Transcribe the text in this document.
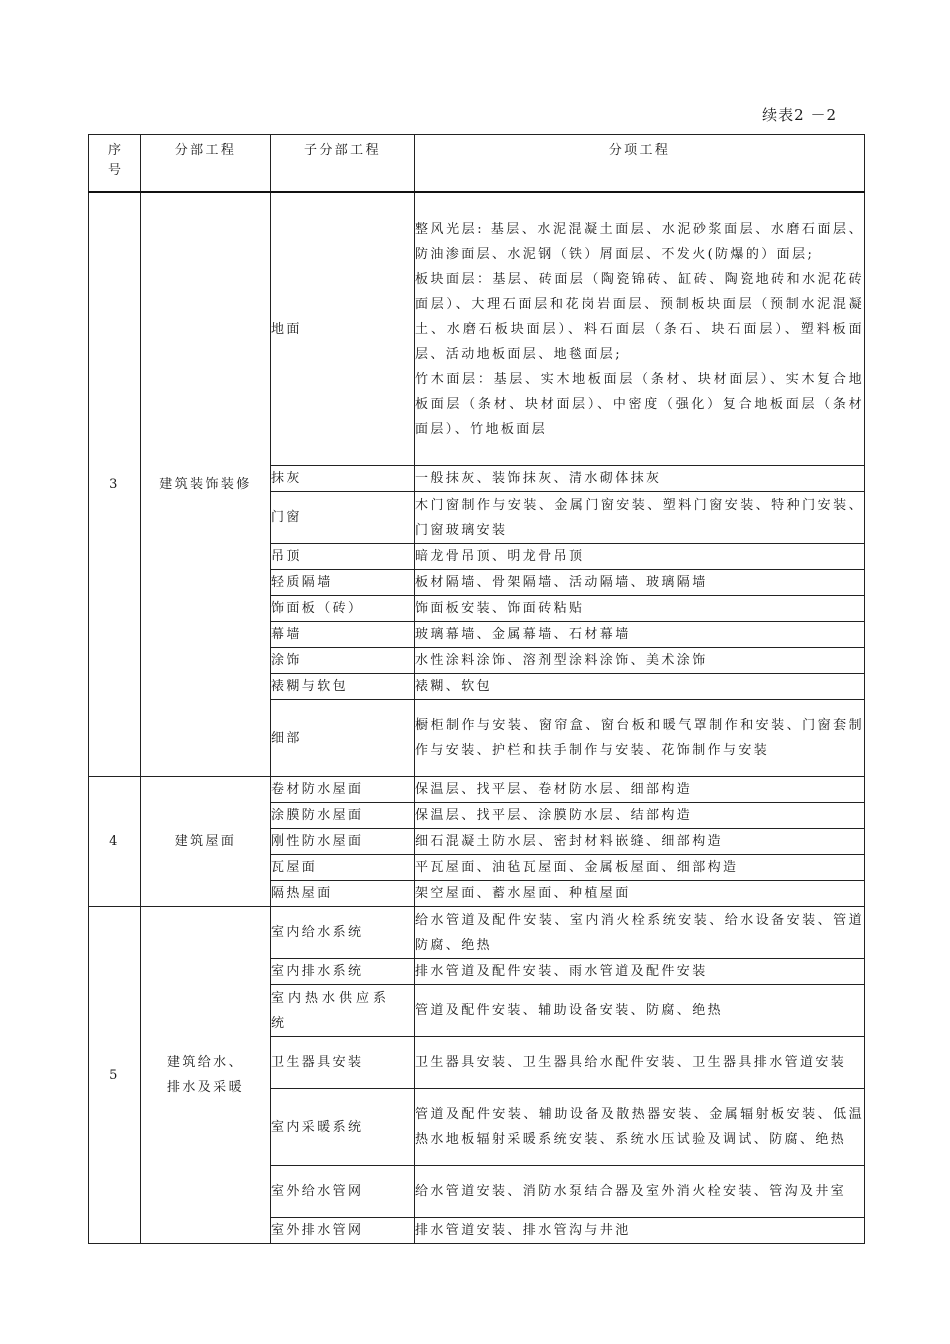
续表2 －2
序号	分部工程	子分部工程	分项工程
3	建筑装饰装修	地面	整风光层: 基层、水泥混凝土面层、水泥砂浆面层、水磨石面层、防油渗面层、水泥钢（铁）屑面层、不发火(防爆的）面层;
板块面层：基层、砖面层（陶瓷锦砖、缸砖、陶瓷地砖和水泥花砖面层）、大理石面层和花岗岩面层、预制板块面层（预制水泥混凝土、水磨石板块面层）、料石面层（条石、块石面层）、塑料板面层、活动地板面层、地毯面层;
竹木面层：基层、实木地板面层（条材、块材面层）、实木复合地板面层（条材、块材面层）、中密度（强化）复合地板面层（条材面层）、竹地板面层

		抹灰	一般抹灰、装饰抹灰、清水砌体抹灰
		门窗	木门窗制作与安装、金属门窗安装、塑料门窗安装、特种门安装、门窗玻璃安装
		吊顶	暗龙骨吊顶、明龙骨吊顶
		轻质隔墙	板材隔墙、骨架隔墙、活动隔墙、玻璃隔墙
		饰面板（砖）	饰面板安装、饰面砖粘贴
		幕墙	玻璃幕墙、金属幕墙、石材幕墙
		涂饰	水性涂料涂饰、溶剂型涂料涂饰、美术涂饰
		裱糊与软包	裱糊、软包
		细部	橱柜制作与安装、窗帘盒、窗台板和暖气罩制作和安装、门窗套制作与安装、护栏和扶手制作与安装、花饰制作与安装
4	建筑屋面	卷材防水屋面	保温层、找平层、卷材防水层、细部构造
		涂膜防水屋面	保温层、找平层、涂膜防水层、结部构造
		刚性防水屋面	细石混凝土防水层、密封材料嵌缝、细部构造
		瓦屋面	平瓦屋面、油毡瓦屋面、金属板屋面、细部构造
		隔热屋面	架空屋面、蓄水屋面、种植屋面
5	建筑给水、排水及采暖	室内给水系统	给水管道及配件安装、室内消火栓系统安装、给水设备安装、管道防腐、绝热
		室内排水系统	排水管道及配件安装、雨水管道及配件安装
		室内热水供应系统	管道及配件安装、辅助设备安装、防腐、绝热
		卫生器具安装	卫生器具安装、卫生器具给水配件安装、卫生器具排水管道安装
		室内采暖系统	管道及配件安装、辅助设备及散热器安装、金属辐射板安装、低温热水地板辐射采暖系统安装、系统水压试验及调试、防腐、绝热
		室外给水管网	给水管道安装、消防水泵结合器及室外消火栓安装、管沟及井室
		室外排水管网	排水管道安装、排水管沟与井池
